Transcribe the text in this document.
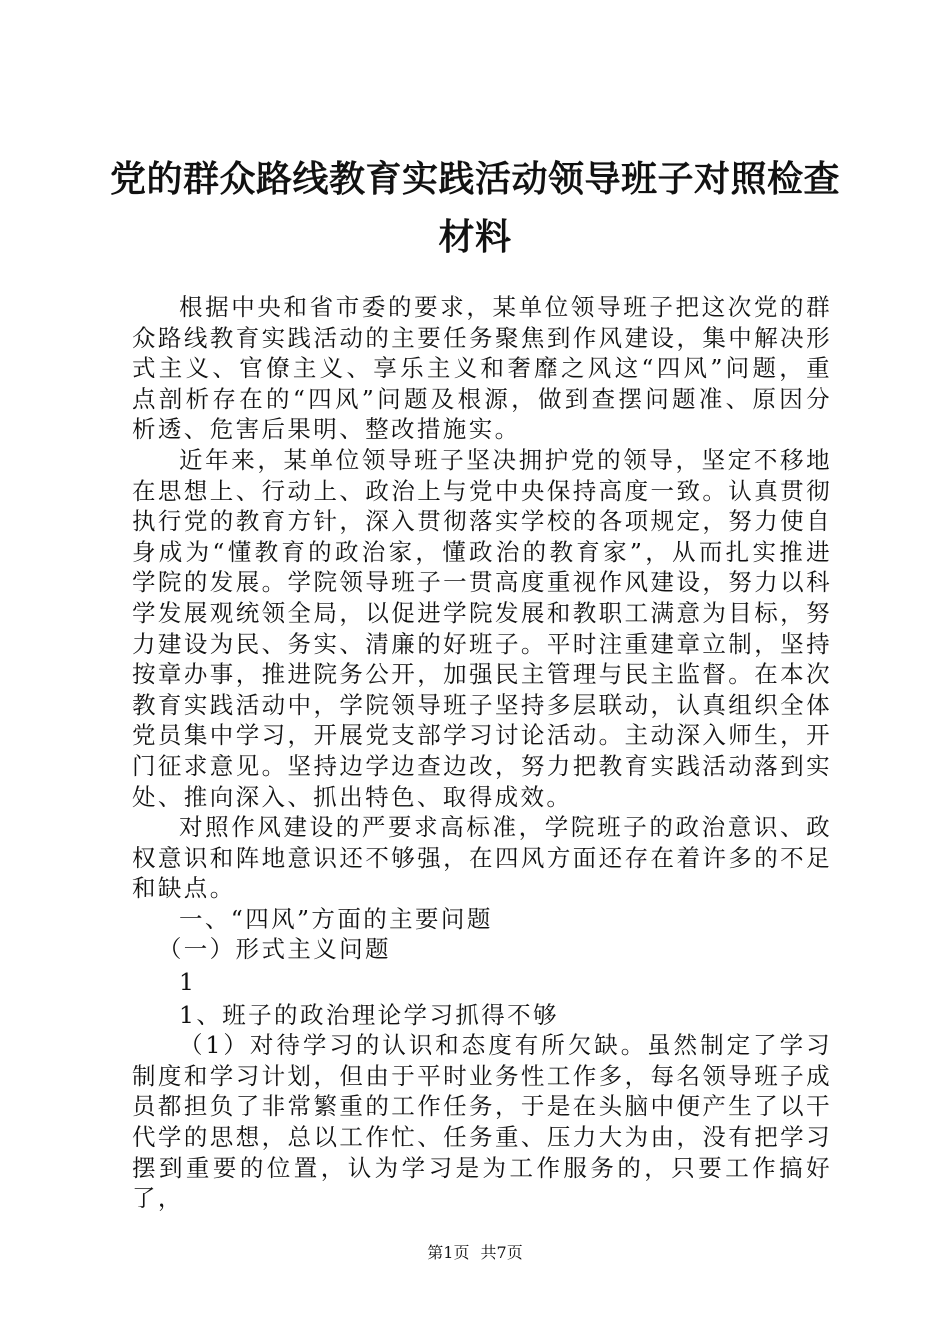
党的群众路线教育实践活动领导班子对照检查材料

根据中央和省市委的要求，某单位领导班子把这次党的群众路线教育实践活动的主要任务聚焦到作风建设，集中解决形式主义、官僚主义、享乐主义和奢靡之风这“四风”问题，重点剖析存在的“四风”问题及根源，做到查摆问题准、原因分析透、危害后果明、整改措施实。

近年来，某单位领导班子坚决拥护党的领导，坚定不移地在思想上、行动上、政治上与党中央保持高度一致。认真贯彻执行党的教育方针，深入贯彻落实学校的各项规定，努力使自身成为“懂教育的政治家，懂政治的教育家”，从而扎实推进学院的发展。学院领导班子一贯高度重视作风建设，努力以科学发展观统领全局，以促进学院发展和教职工满意为目标，努力建设为民、务实、清廉的好班子。平时注重建章立制，坚持按章办事，推进院务公开，加强民主管理与民主监督。在本次教育实践活动中，学院领导班子坚持多层联动，认真组织全体党员集中学习，开展党支部学习讨论活动。主动深入师生，开门征求意见。坚持边学边查边改，努力把教育实践活动落到实处、推向深入、抓出特色、取得成效。

对照作风建设的严要求高标准，学院班子的政治意识、政权意识和阵地意识还不够强，在四风方面还存在着许多的不足和缺点。

一、“四风”方面的主要问题

（一）形式主义问题

1

1、班子的政治理论学习抓得不够

（1）对待学习的认识和态度有所欠缺。虽然制定了学习制度和学习计划，但由于平时业务性工作多，每名领导班子成员都担负了非常繁重的工作任务，于是在头脑中便产生了以干代学的思想，总以工作忙、任务重、压力大为由，没有把学习摆到重要的位置，认为学习是为工作服务的，只要工作搞好了，

第1页 共7页
